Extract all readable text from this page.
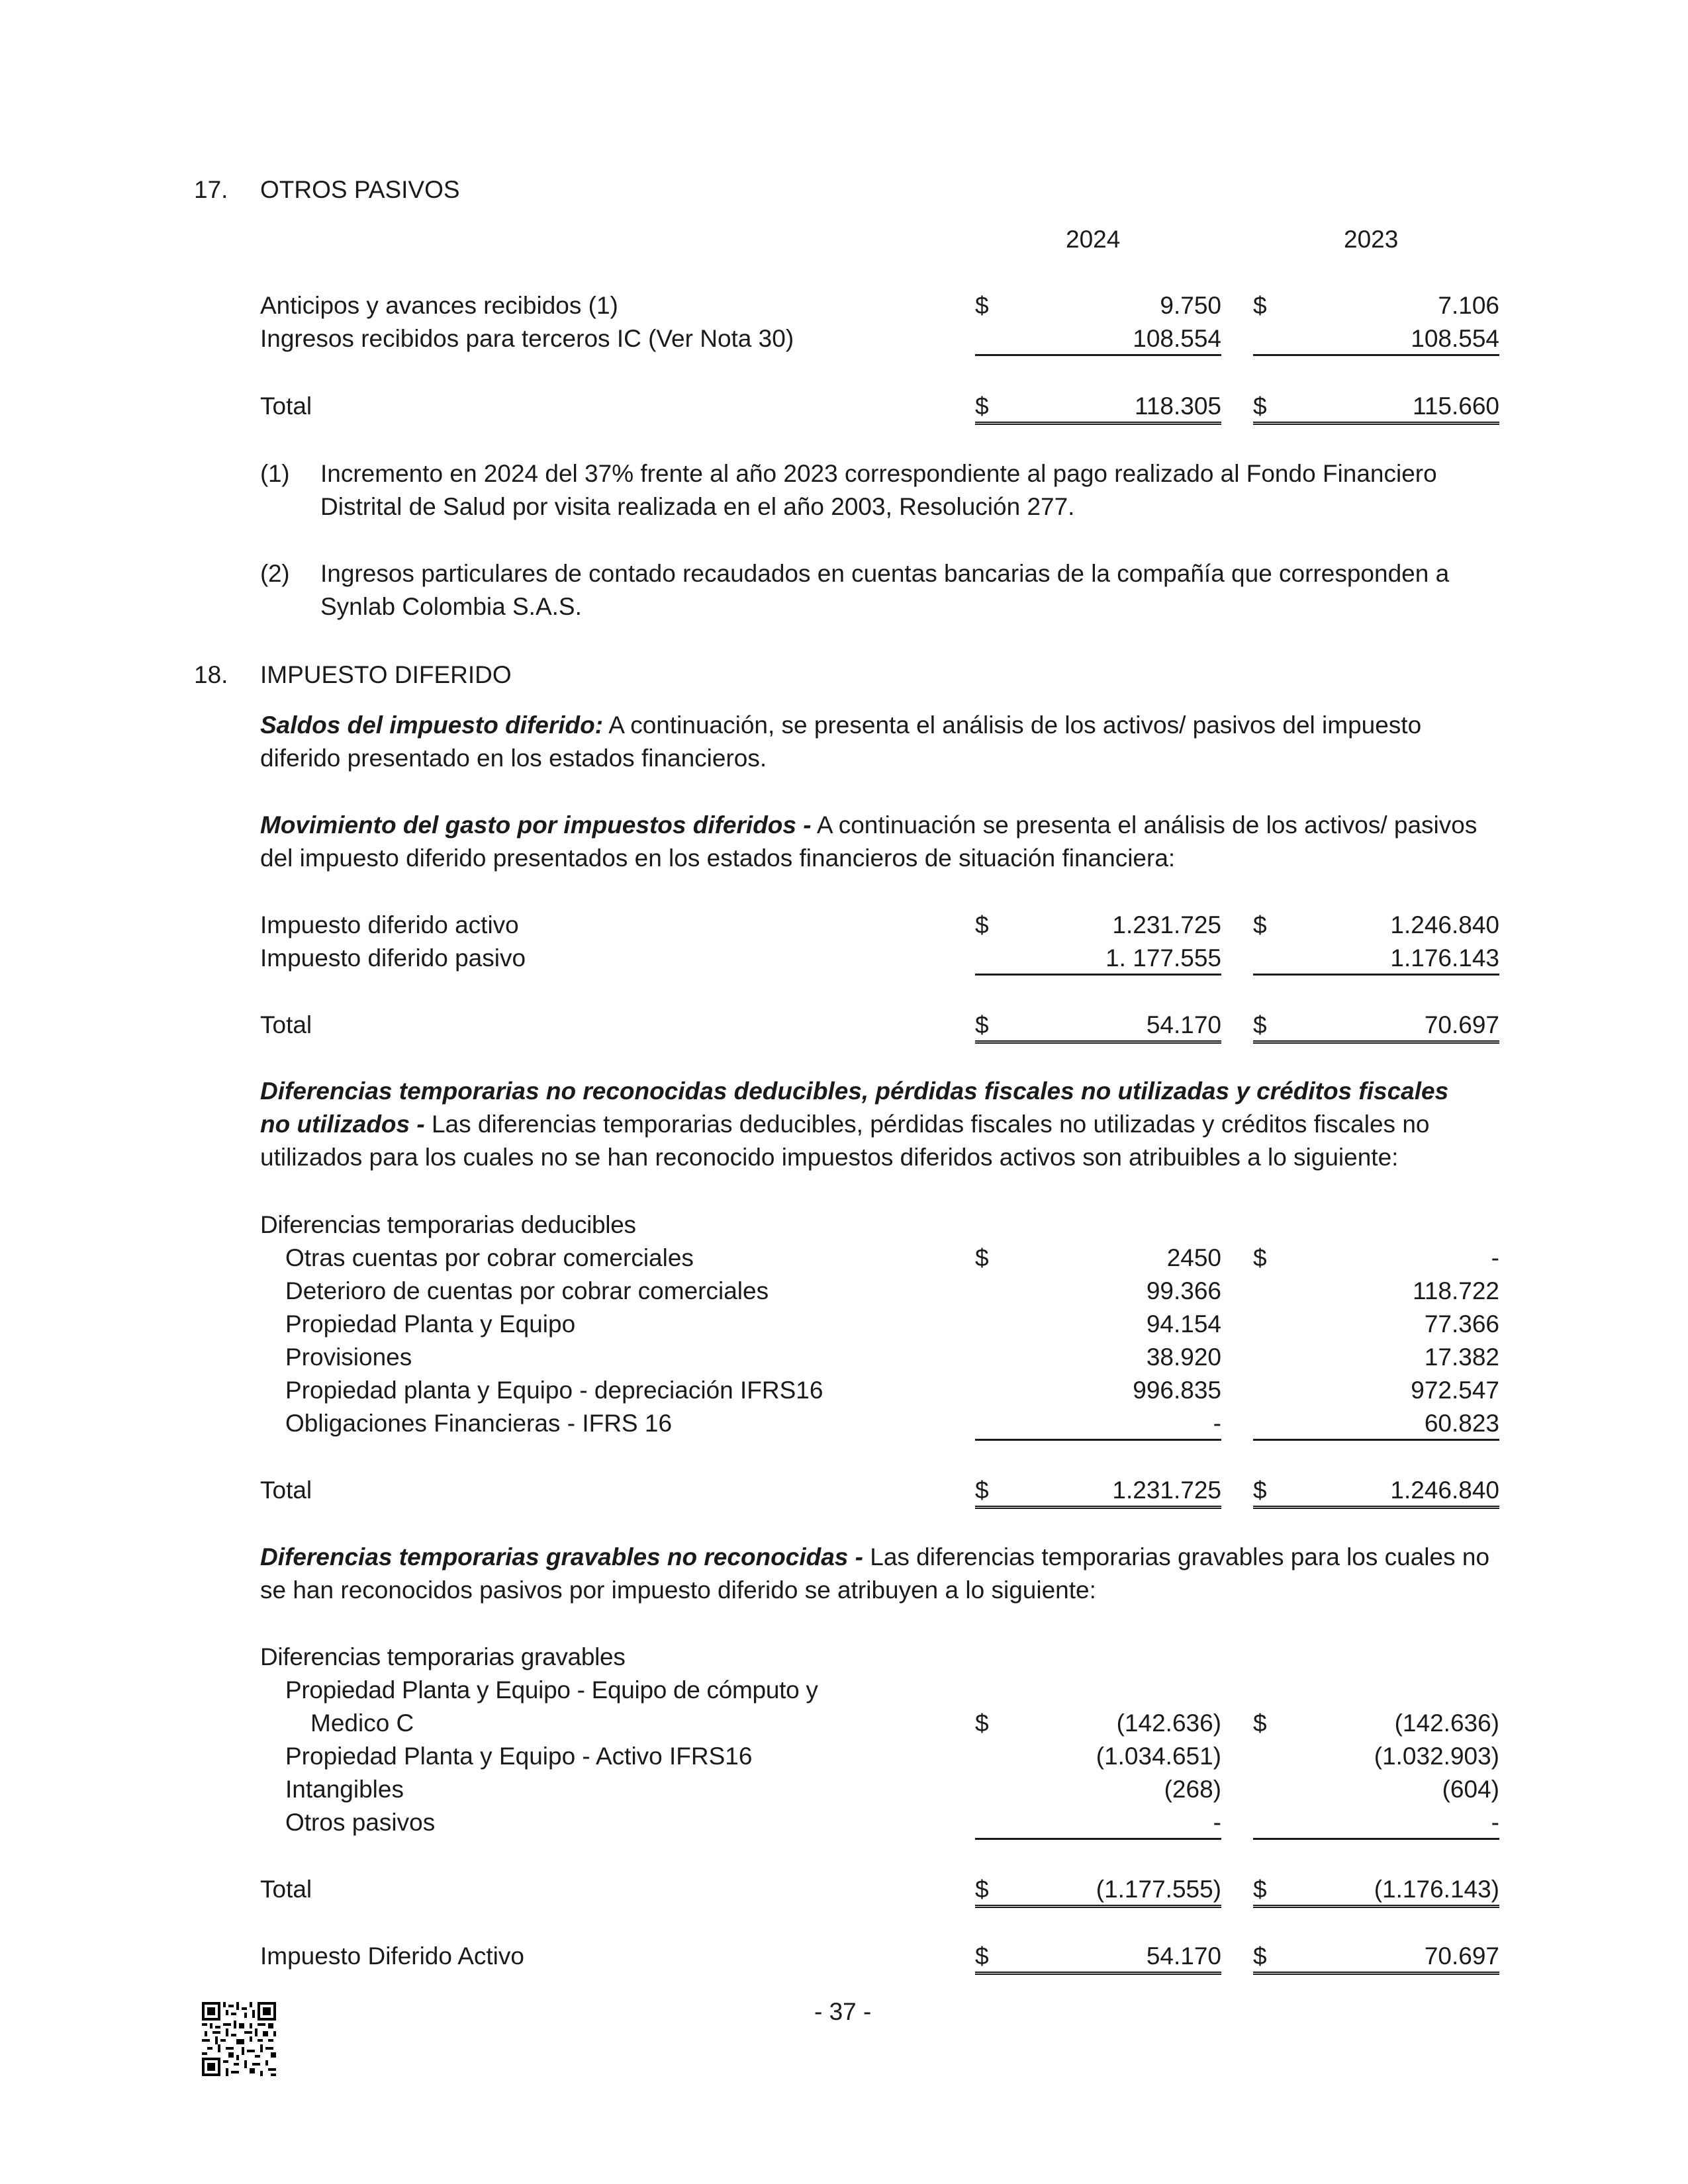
17. OTROS PASIVOS
2024	2023
Anticipos y avances recibidos (1)	$	9.750 $	7.106
Ingresos recibidos para terceros IC (Ver Nota 30)	108.554	108.554
Total	$	118.305 $	115.660
(1) Incremento en 2024 del 37% frente al año 2023 correspondiente al pago realizado al Fondo Financiero Distrital de Salud por visita realizada en el año 2003, Resolución 277.
(2) Ingresos particulares de contado recaudados en cuentas bancarias de la compañía que corresponden a Synlab Colombia S.A.S.
18. IMPUESTO DIFERIDO
Saldos del impuesto diferido: A continuación, se presenta el análisis de los activos/ pasivos del impuesto diferido presentado en los estados financieros.
Movimiento del gasto por impuestos diferidos - A continuación se presenta el análisis de los activos/ pasivos del impuesto diferido presentados en los estados financieros de situación financiera:
Impuesto diferido activo	$	1.231.725 $	1.246.840
Impuesto diferido pasivo	1. 177.555	1.176.143
Total	$	54.170 $	70.697
Diferencias temporarias no reconocidas deducibles, pérdidas fiscales no utilizadas y créditos fiscales no utilizados - Las diferencias temporarias deducibles, pérdidas fiscales no utilizadas y créditos fiscales no utilizados para los cuales no se han reconocido impuestos diferidos activos son atribuibles a lo siguiente:
Diferencias temporarias deducibles
Otras cuentas por cobrar comerciales	$	2450 $	-
Deterioro de cuentas por cobrar comerciales	99.366	118.722
Propiedad Planta y Equipo	94.154	77.366
Provisiones	38.920	17.382
Propiedad planta y Equipo - depreciación IFRS16	996.835	972.547
Obligaciones Financieras - IFRS 16	-	60.823
Total	$	1.231.725 $	1.246.840
Diferencias temporarias gravables no reconocidas - Las diferencias temporarias gravables para los cuales no se han reconocidos pasivos por impuesto diferido se atribuyen a lo siguiente:
Diferencias temporarias gravables
Propiedad Planta y Equipo - Equipo de cómputo y
Medico C	$	(142.636) $	(142.636)
Propiedad Planta y Equipo - Activo IFRS16	(1.034.651)	(1.032.903)
Intangibles	(268)	(604)
Otros pasivos	-	-
Total	$	(1.177.555) $	(1.176.143)
Impuesto Diferido Activo	$	54.170 $	70.697
- 37 -
